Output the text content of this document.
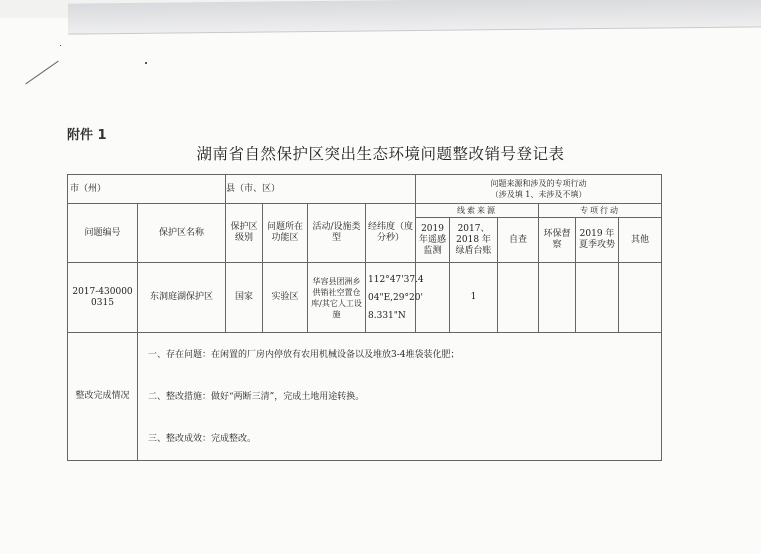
附件 1
湖南省自然保护区突出生态环境问题整改销号登记表
市（州）		县（市、区）				问题来源和涉及的专项行动
（涉及填 1、未涉及不填）					

问题编号	保护区名称	保护区级别	问题所在功能区	活动/设施类 型	经纬度（度分秒）	线索来源			专项行动		
						2019 年遥感监测	2017、2018 年绿盾台账	自查	环保督察	2019 年夏季攻势	其他
2017-4300000315	东洞庭湖保护区	国家	实验区	华容县团洲乡供销社空置仓库/其它人工设施	112°47'37.4
04"E,29°20'
8.331"N		1				
整改完成情况	一、存在问题：在闲置的厂房内停放有农用机械设备以及堆放3-4堆袋装化肥；

二、整改措施：做好“两断三清”，完成土地用途转换。

三、整改成效：完成整改。										
